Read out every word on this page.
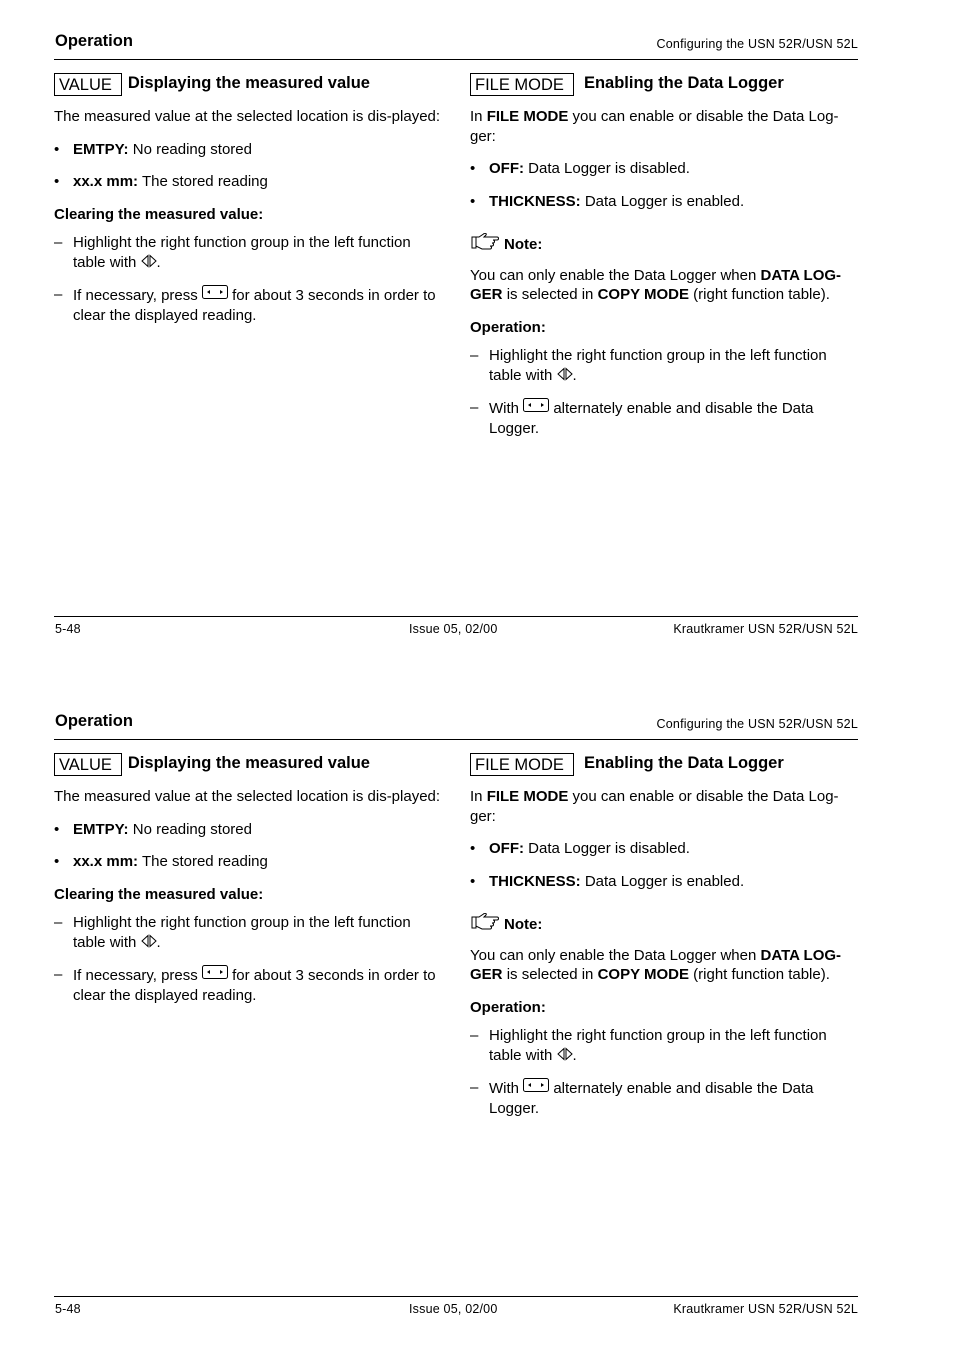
Operation	Configuring the USN 52R/USN 52L
VALUE Displaying the measured value

The measured value at the selected location is dis-played:

• EMTPY: No reading stored
• xx.x mm: The stored reading

Clearing the measured value:

– Highlight the right function group in the left function table with .
– If necessary, press for about 3 seconds in order to clear the displayed reading.
FILE MODE	Enabling the Data Logger

In FILE MODE you can enable or disable the Data Log-ger:

• OFF: Data Logger is disabled.
• THICKNESS: Data Logger is enabled.
Note:

You can only enable the Data Logger when DATA LOG-GER is selected in COPY MODE (right function table).

Operation:

– Highlight the right function group in the left function table with .
– With alternately enable and disable the Data Logger.
5-48	Issue 05, 02/00	Krautkramer USN 52R/USN 52L
Operation	Configuring the USN 52R/USN 52L
VALUE Displaying the measured value

The measured value at the selected location is dis-played:

• EMTPY: No reading stored
• xx.x mm: The stored reading

Clearing the measured value:

– Highlight the right function group in the left function table with .
– If necessary, press for about 3 seconds in order to clear the displayed reading.
FILE MODE	Enabling the Data Logger

In FILE MODE you can enable or disable the Data Log-ger:

• OFF: Data Logger is disabled.
• THICKNESS: Data Logger is enabled.
Note:

You can only enable the Data Logger when DATA LOG-GER is selected in COPY MODE (right function table).

Operation:

– Highlight the right function group in the left function table with .
– With alternately enable and disable the Data Logger.
5-48	Issue 05, 02/00	Krautkramer USN 52R/USN 52L
